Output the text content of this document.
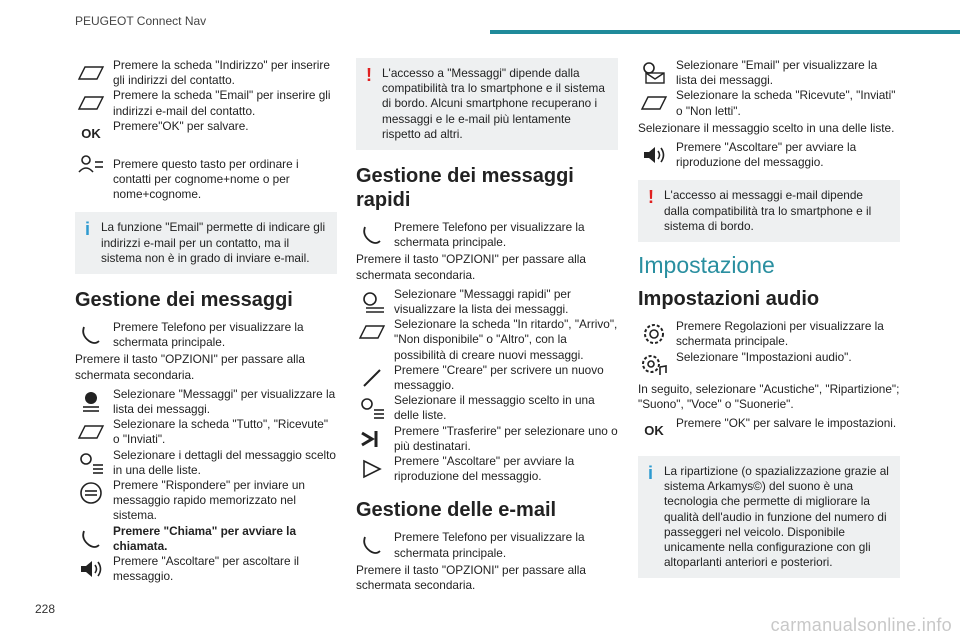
PEUGEOT Connect Nav
Premere la scheda "Indirizzo" per inserire gli indirizzi del contatto.
Premere la scheda "Email" per inserire gli indirizzi e-mail del contatto.
OK
Premere"OK" per salvare.
Premere questo tasto per ordinare i contatti per cognome+nome o per nome+cognome.
i La funzione "Email" permette di indicare gli indirizzi e-mail per un contatto, ma il sistema non è in grado di inviare e-mail.
Gestione dei messaggi
Premere Telefono per visualizzare la schermata principale.
Premere il tasto "OPZIONI" per passare alla schermata secondaria.
Selezionare "Messaggi" per visualizzare la lista dei messaggi.
Selezionare la scheda "Tutto", "Ricevute" o "Inviati".
Selezionare i dettagli del messaggio scelto in una delle liste.
Premere "Rispondere" per inviare un messaggio rapido memorizzato nel sistema.
Premere "Chiama" per avviare la chiamata.
Premere "Ascoltare" per ascoltare il messaggio.
! L'accesso a "Messaggi" dipende dalla compatibilità tra lo smartphone e il sistema di bordo. Alcuni smartphone recuperano i messaggi e le e-mail più lentamente rispetto ad altri.
Gestione dei messaggi rapidi
Premere Telefono per visualizzare la schermata principale.
Premere il tasto "OPZIONI" per passare alla schermata secondaria.
Selezionare "Messaggi rapidi" per visualizzare la lista dei messaggi.
Selezionare la scheda "In ritardo", "Arrivo", "Non disponibile" o "Altro", con la possibilità di creare nuovi messaggi.
Premere "Creare" per scrivere un nuovo messaggio.
Selezionare il messaggio scelto in una delle liste.
Premere "Trasferire" per selezionare uno o più destinatari.
Premere "Ascoltare" per avviare la riproduzione del messaggio.
Gestione delle e-mail
Premere Telefono per visualizzare la schermata principale.
Premere il tasto "OPZIONI" per passare alla schermata secondaria.
Selezionare "Email" per visualizzare la lista dei messaggi.
Selezionare la scheda "Ricevute", "Inviati" o "Non letti".
Selezionare il messaggio scelto in una delle liste.
Premere "Ascoltare" per avviare la riproduzione del messaggio.
! L'accesso ai messaggi e-mail dipende dalla compatibilità tra lo smartphone e il sistema di bordo.
Impostazione
Impostazioni audio
Premere Regolazioni per visualizzare la schermata principale.
Selezionare "Impostazioni audio".
In seguito, selezionare "Acustiche", "Ripartizione"; "Suono", "Voce" o "Suonerie".
OK
Premere "OK" per salvare le impostazioni.
i La ripartizione (o spazializzazione grazie al sistema Arkamys©) del suono è una tecnologia che permette di migliorare la qualità dell'audio in funzione del numero di passeggeri nel veicolo. Disponibile unicamente nella configurazione con gli altoparlanti anteriori e posteriori.
228
carmanualsonline.info
